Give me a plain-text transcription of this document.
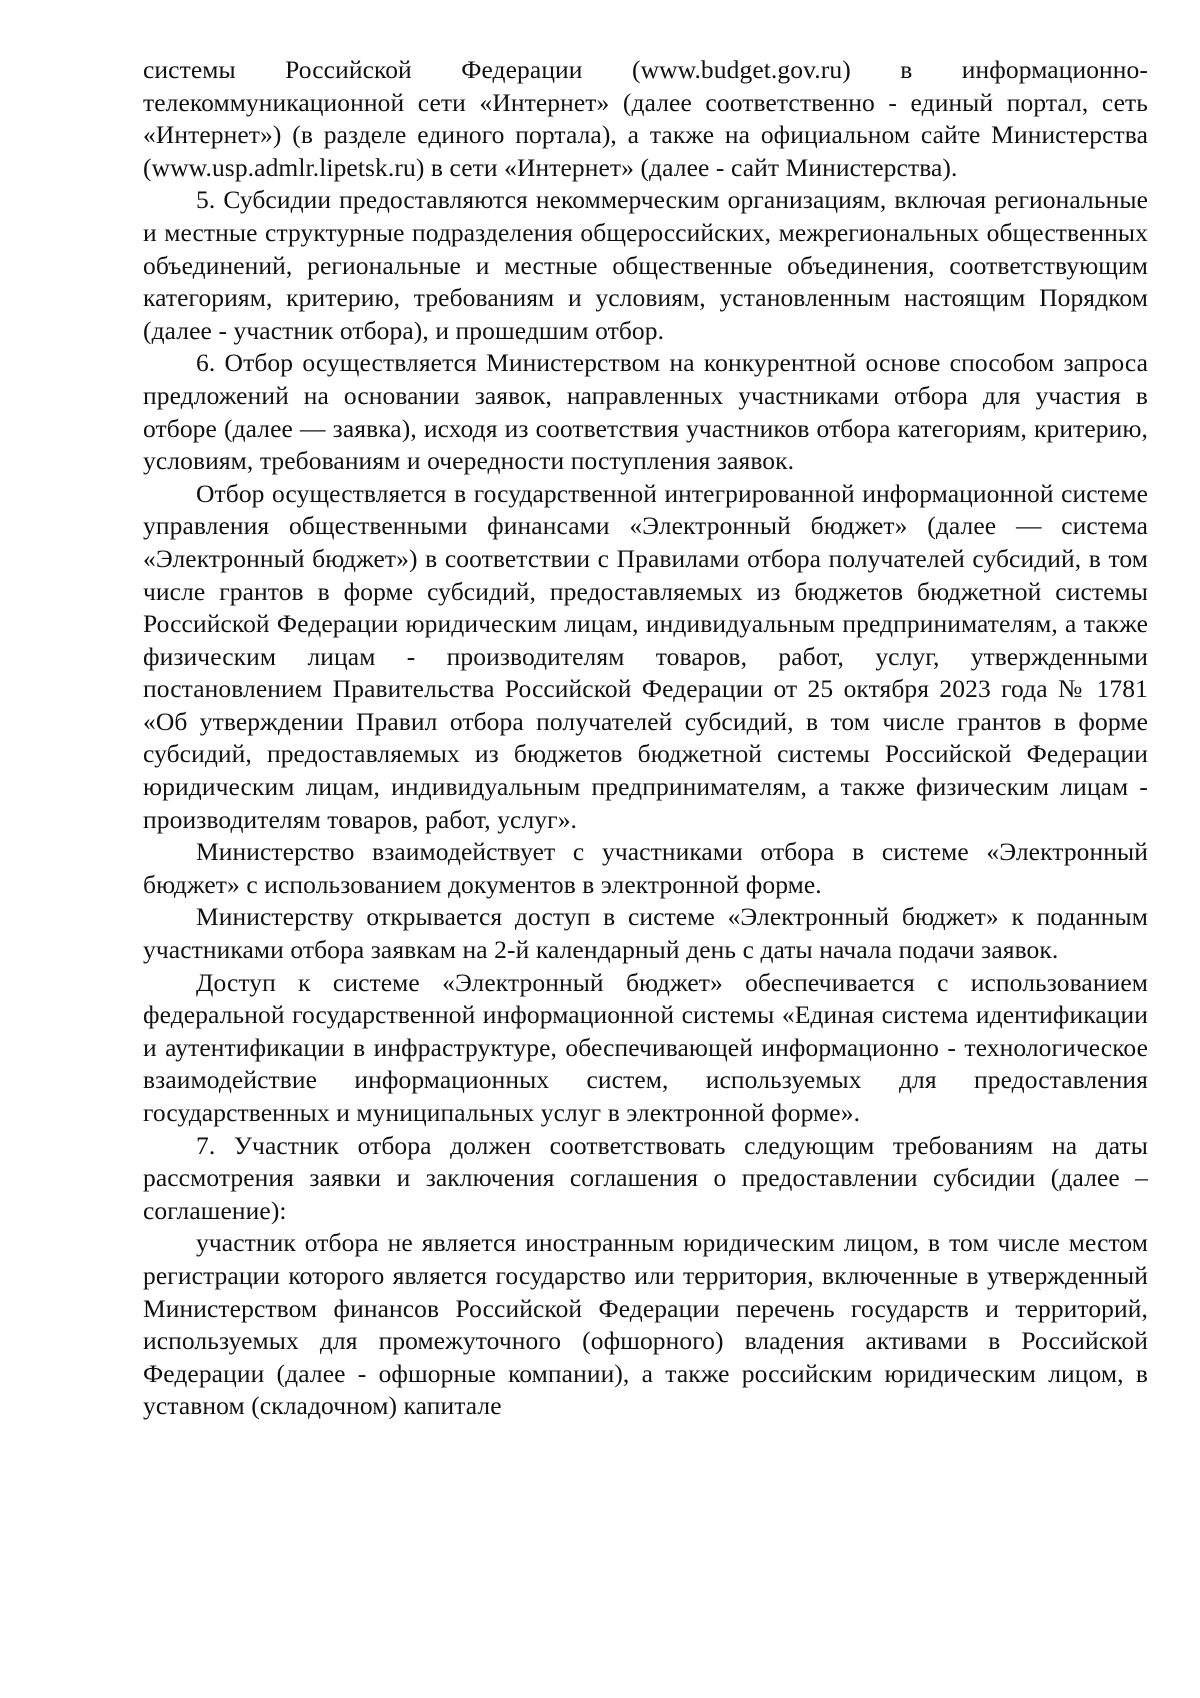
системы Российской Федерации (www.budget.gov.ru) в информационно-телекоммуникационной сети «Интернет» (далее соответственно - единый портал, сеть «Интернет») (в разделе единого портала), а также на официальном сайте Министерства (www.usp.admlr.lipetsk.ru) в сети «Интернет» (далее - сайт Министерства).

5. Субсидии предоставляются некоммерческим организациям, включая региональные и местные структурные подразделения общероссийских, межрегиональных общественных объединений, региональные и местные общественные объединения, соответствующим категориям, критерию, требованиям и условиям, установленным настоящим Порядком (далее - участник отбора), и прошедшим отбор.

6. Отбор осуществляется Министерством на конкурентной основе способом запроса предложений на основании заявок, направленных участниками отбора для участия в отборе (далее — заявка), исходя из соответствия участников отбора категориям, критерию, условиям, требованиям и очередности поступления заявок.

Отбор осуществляется в государственной интегрированной информационной системе управления общественными финансами «Электронный бюджет» (далее — система «Электронный бюджет») в соответствии с Правилами отбора получателей субсидий, в том числе грантов в форме субсидий, предоставляемых из бюджетов бюджетной системы Российской Федерации юридическим лицам, индивидуальным предпринимателям, а также физическим лицам - производителям товаров, работ, услуг, утвержденными постановлением Правительства Российской Федерации от 25 октября 2023 года № 1781 «Об утверждении Правил отбора получателей субсидий, в том числе грантов в форме субсидий, предоставляемых из бюджетов бюджетной системы Российской Федерации юридическим лицам, индивидуальным предпринимателям, а также физическим лицам - производителям товаров, работ, услуг».

Министерство взаимодействует с участниками отбора в системе «Электронный бюджет» с использованием документов в электронной форме.

Министерству открывается доступ в системе «Электронный бюджет» к поданным участниками отбора заявкам на 2-й календарный день с даты начала подачи заявок.

Доступ к системе «Электронный бюджет» обеспечивается с использованием федеральной государственной информационной системы «Единая система идентификации и аутентификации в инфраструктуре, обеспечивающей информационно - технологическое взаимодействие информационных систем, используемых для предоставления государственных и муниципальных услуг в электронной форме».

7. Участник отбора должен соответствовать следующим требованиям на даты рассмотрения заявки и заключения соглашения о предоставлении субсидии (далее – соглашение):

участник отбора не является иностранным юридическим лицом, в том числе местом регистрации которого является государство или территория, включенные в утвержденный Министерством финансов Российской Федерации перечень государств и территорий, используемых для промежуточного (офшорного) владения активами в Российской Федерации (далее - офшорные компании), а также российским юридическим лицом, в уставном (складочном) капитале
